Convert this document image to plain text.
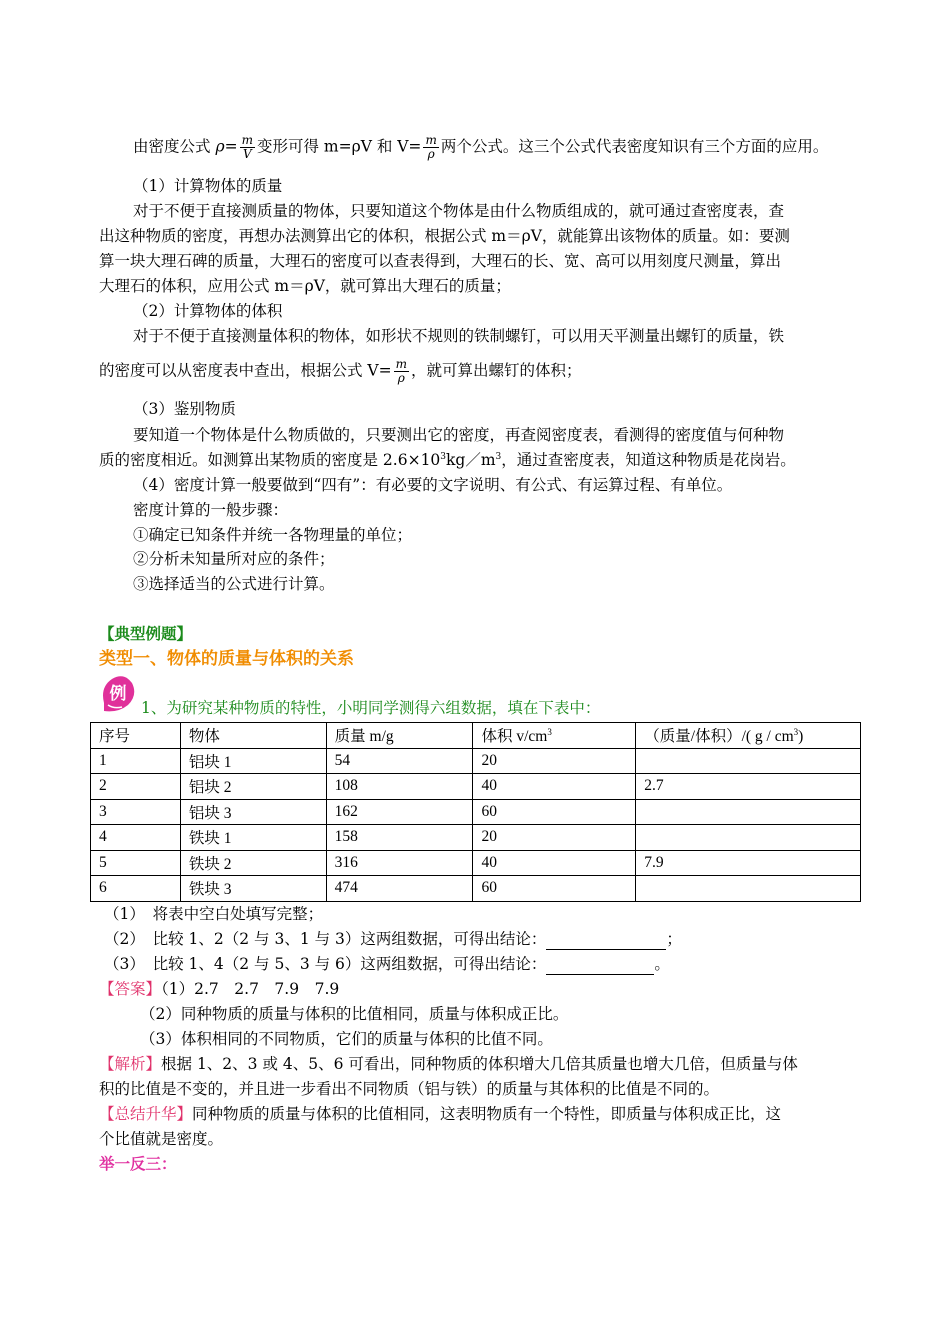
由密度公式 $\rho= \frac{m}{V}$ 变形可得 m=ρV 和 $V= \frac{m}{\rho}$ 两个公式。这三个公式代表密度知识有三个方面的应用。
（1）计算物体的质量
对于不便于直接测质量的物体，只要知道这个物体是由什么物质组成的，就可通过查密度表，查
出这种物质的密度，再想办法测算出它的体积，根据公式 m＝ρV，就能算出该物体的质量。如：要测
算一块大理石碑的质量，大理石的密度可以查表得到，大理石的长、宽、高可以用刻度尺测量，算出
大理石的体积，应用公式 m＝ρV，就可算出大理石的质量；
（2）计算物体的体积
对于不便于直接测量体积的物体，如形状不规则的铁制螺钉，可以用天平测量出螺钉的质量，铁
的密度可以从密度表中查出，根据公式 $V= \frac{m}{\rho}$ ，就可算出螺钉的体积；
（3）鉴别物质
要知道一个物体是什么物质做的，只要测出它的密度，再查阅密度表，看测得的密度值与何种物
质的密度相近。如测算出某物质的密度是 $2.6\times 10^3kg/m^3$，通过查密度表，知道这种物质是花岗岩。
（4）密度计算一般要做到“四有”：有必要的文字说明、有公式、有运算过程、有单位。
密度计算的一般步骤：
①确定已知条件并统一各物理量的单位；
②分析未知量所对应的条件；
③选择适当的公式进行计算。
【典型例题】
类型一、物体的质量与体积的关系
例
1、为研究某种物质的特性，小明同学测得六组数据，填在下表中：
序号	物体	质量 m/g	体积 $v/cm^3$	（质量/体积）/( g / $cm^3$)
1	铝块 1	54	20	
2	铝块 2	108	40	2.7
3	铝块 3	162	60	
4	铁块 1	158	20	
5	铁块 2	316	40	7.9
6	铁块 3	474	60	
（1）　将表中空白处填写完整；
（2）　比较 1、2（2 与 3、1 与 3）这两组数据，可得出结论：	；
（3）　比较 1、4（2 与 5、3 与 6）这两组数据，可得出结论：	。
【答案】（1）2.7　2.7　7.9　7.9
（2）同种物质的质量与体积的比值相同，质量与体积成正比。
（3）体积相同的不同物质，它们的质量与体积的比值不同。
【解析】根据 1、2、3 或 4、5、6 可看出，同种物质的体积增大几倍其质量也增大几倍，但质量与体
积的比值是不变的，并且进一步看出不同物质（铝与铁）的质量与其体积的比值是不同的。
【总结升华】同种物质的质量与体积的比值相同，这表明物质有一个特性，即质量与体积成正比，这
个比值就是密度。
举一反三：
